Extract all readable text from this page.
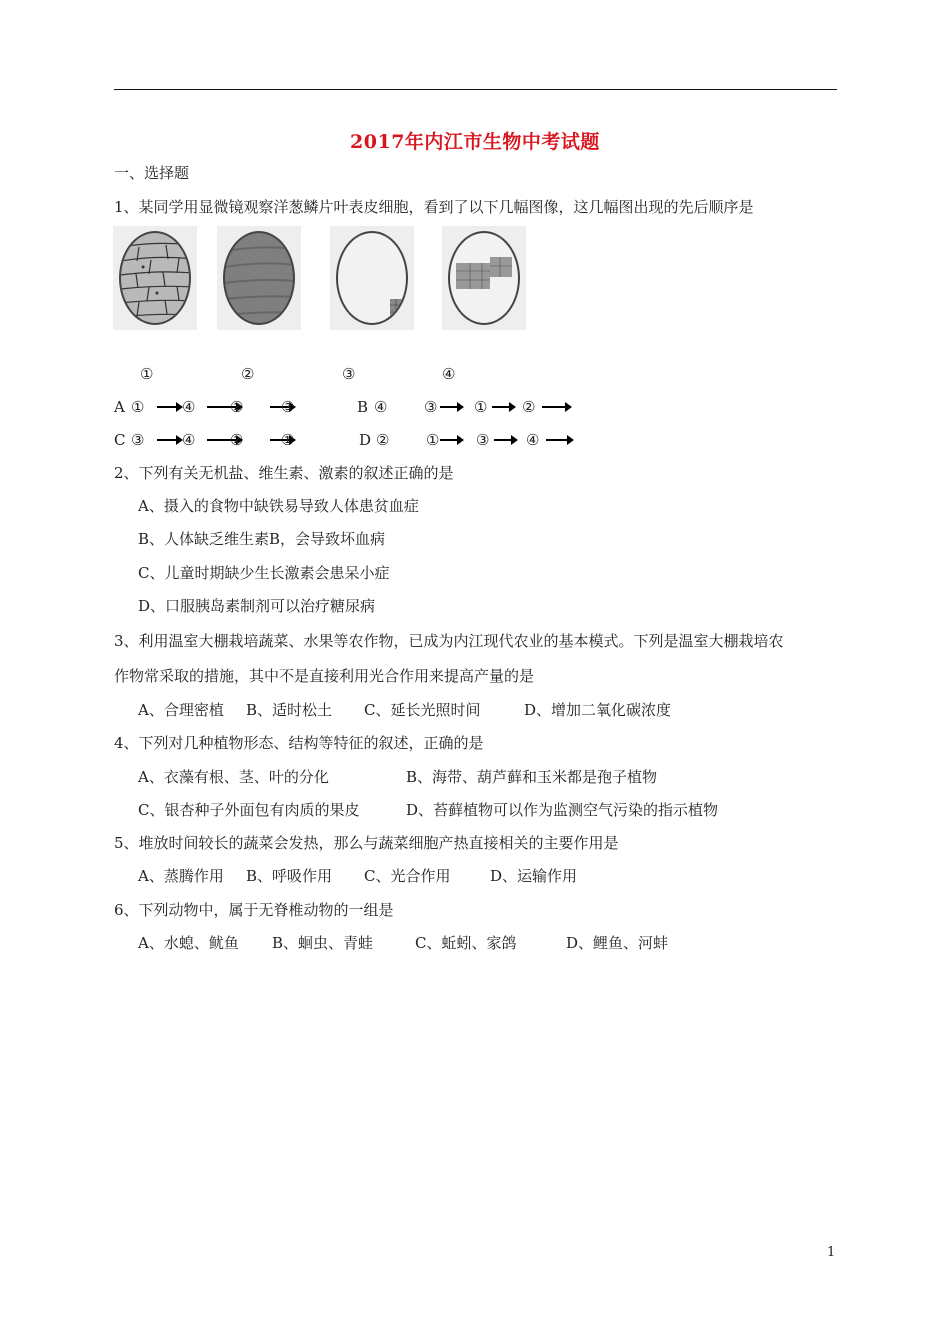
2017年内江市生物中考试题
一、选择题
1、某同学用显微镜观察洋葱鳞片叶表皮细胞，看到了以下几幅图像，这几幅图出现的先后顺序是
①	②	③	④
A ①	④ ②	③	B ④ ③ ① ②
C ③	④ ②	①	D ② ① ③ ④
2、下列有关无机盐、维生素、激素的叙述正确的是
A、摄入的食物中缺铁易导致人体患贫血症
B、人体缺乏维生素B，会导致坏血病
C、儿童时期缺少生长激素会患呆小症
D、口服胰岛素制剂可以治疗糖尿病
3、利用温室大棚栽培蔬菜、水果等农作物，已成为内江现代农业的基本模式。下列是温室大棚栽培农
作物常采取的措施，其中不是直接利用光合作用来提高产量的是
A、合理密植 B、适时松土 C、延长光照时间	D、增加二氧化碳浓度
4、下列对几种植物形态、结构等特征的叙述，正确的是
A、衣藻有根、茎、叶的分化	B、海带、葫芦藓和玉米都是孢子植物
C、银杏种子外面包有肉质的果皮	D、苔藓植物可以作为监测空气污染的指示植物
5、堆放时间较长的蔬菜会发热，那么与蔬菜细胞产热直接相关的主要作用是
A、蒸腾作用 B、呼吸作用 C、光合作用	D、运输作用
6、下列动物中，属于无脊椎动物的一组是
A、水螅、鱿鱼 B、蛔虫、青蛙	C、蚯蚓、家鸽	D、鲤鱼、河蚌
1
